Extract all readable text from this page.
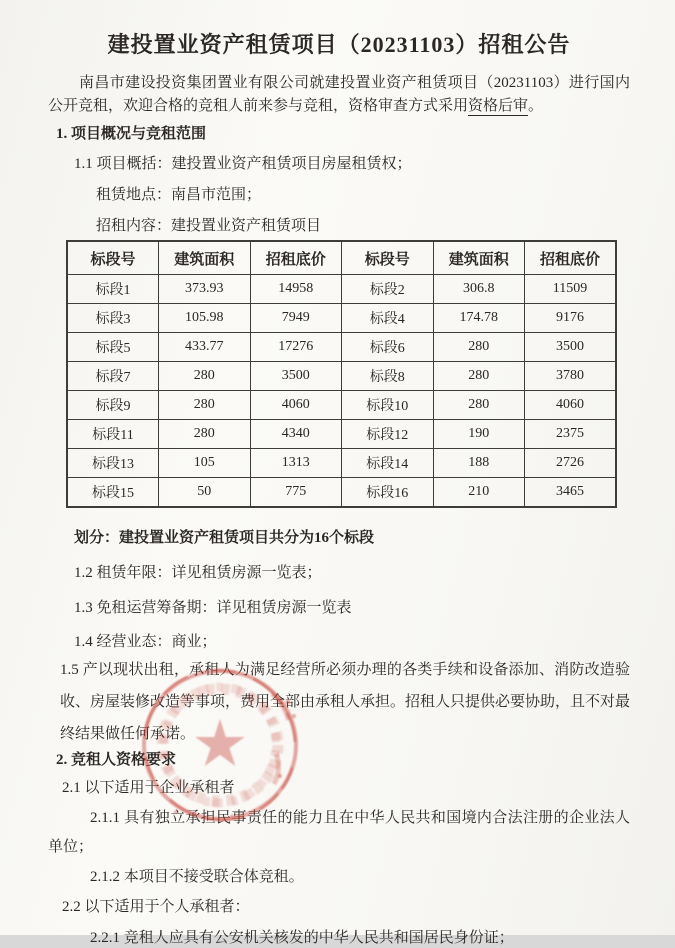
建投置业资产租赁项目（20231103）招租公告

南昌市建设投资集团置业有限公司就建投置业资产租赁项目（20231103）进行国内公开竞租，欢迎合格的竞租人前来参与竞租，资格审查方式采用资格后审。

1. 项目概况与竞租范围

1.1 项目概括：建投置业资产租赁项目房屋租赁权；

租赁地点：南昌市范围；

招租内容：建投置业资产租赁项目

标段号	建筑面积	招租底价	标段号	建筑面积	招租底价
标段1	373.93	14958	标段2	306.8	11509
标段3	105.98	7949	标段4	174.78	9176
标段5	433.77	17276	标段6	280	3500
标段7	280	3500	标段8	280	3780
标段9	280	4060	标段10	280	4060
标段11	280	4340	标段12	190	2375
标段13	105	1313	标段14	188	2726
标段15	50	775	标段16	210	3465

划分：建投置业资产租赁项目共分为16个标段

1.2 租赁年限：详见租赁房源一览表；

1.3 免租运营筹备期：详见租赁房源一览表

1.4 经营业态：商业；

1.5 产以现状出租，承租人为满足经营所必须办理的各类手续和设备添加、消防改造验收、房屋装修改造等事项，费用全部由承租人承担。招租人只提供必要协助，且不对最终结果做任何承诺。

2. 竞租人资格要求

2.1 以下适用于企业承租者

2.1.1 具有独立承担民事责任的能力且在中华人民共和国境内合法注册的企业法人单位；

2.1.2 本项目不接受联合体竞租。

2.2 以下适用于个人承租者：

2.2.1 竞租人应具有公安机关核发的中华人民共和国居民身份证；
